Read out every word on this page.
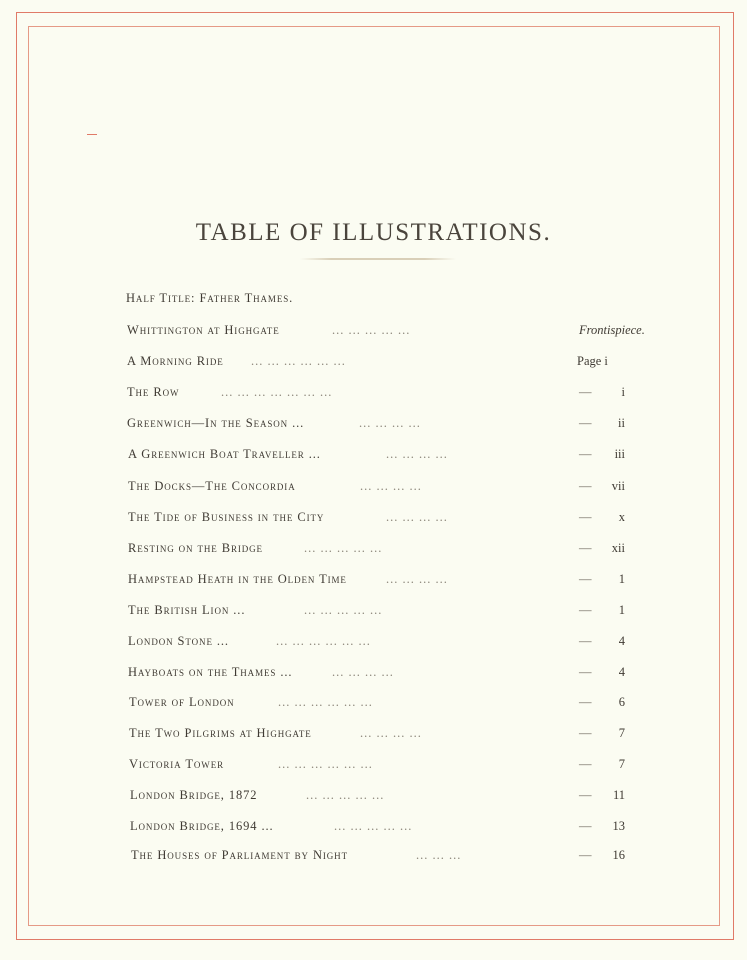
TABLE OF ILLUSTRATIONS.
Half Title: Father Thames.
Whittington at Highgate	... ... ... ... ...	Frontispiece.
A Morning Ride ... ... ... ... ... ...	Page i
The Row	... ... ... ... ... ... ...	—	i
Greenwich—In the Season ...	... ... ... ...	—	ii
A Greenwich Boat Traveller ...	... ... ... ...	—	iii
The Docks—The Concordia	... ... ... ...	—	vii
The Tide of Business in the City	... ... ... ...	—	x
Resting on the Bridge	... ... ... ... ...	—	xii
Hampstead Heath in the Olden Time	... ... ... ...	—	1
The British Lion ...	... ... ... ... ...	—	1
London Stone ...	... ... ... ... ... ...	—	4
Hayboats on the Thames ...	... ... ... ...	—	4
Tower of London	... ... ... ... ... ...	—	6
The Two Pilgrims at Highgate	... ... ... ...	—	7
Victoria Tower	... ... ... ... ... ...	—	7
London Bridge, 1872	... ... ... ... ...	—	11
London Bridge, 1694 ...	... ... ... ... ...	—	13
The Houses of Parliament by Night	... ... ...	—	16
